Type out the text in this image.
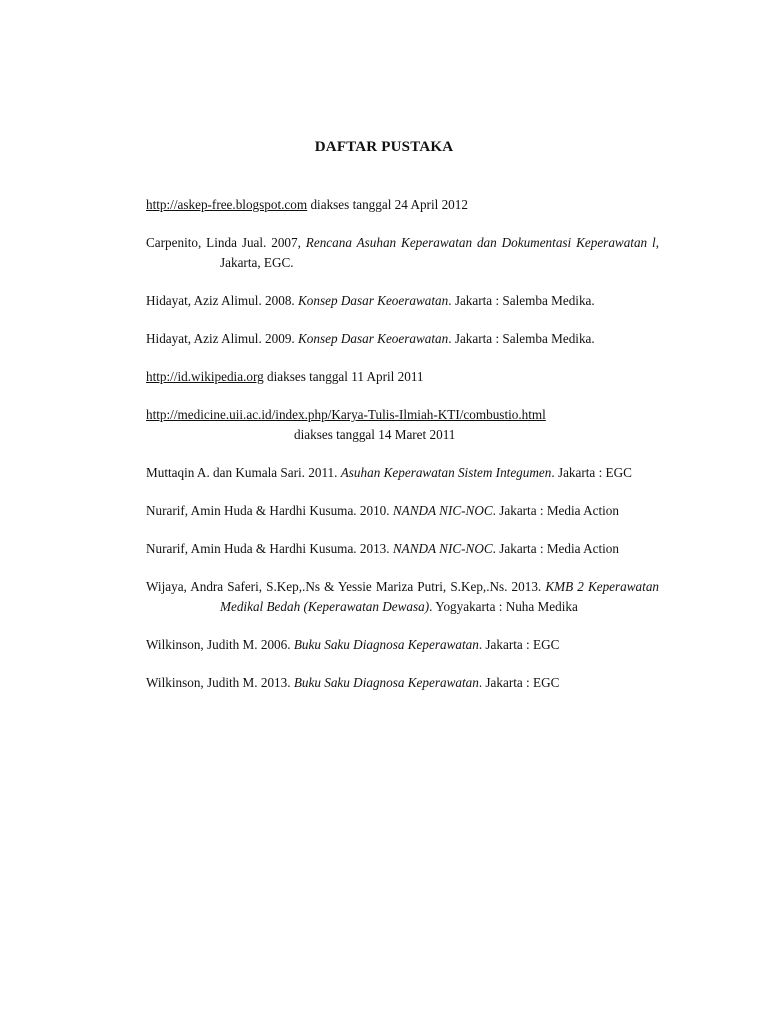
DAFTAR PUSTAKA

http://askep-free.blogspot.com diakses tanggal 24 April 2012

Carpenito, Linda Jual. 2007, Rencana Asuhan Keperawatan dan Dokumentasi Keperawatan l, Jakarta, EGC.

Hidayat, Aziz Alimul. 2008. Konsep Dasar Keoerawatan. Jakarta : Salemba Medika.

Hidayat, Aziz Alimul. 2009. Konsep Dasar Keoerawatan. Jakarta : Salemba Medika.

http://id.wikipedia.org diakses tanggal 11 April 2011

http://medicine.uii.ac.id/index.php/Karya-Tulis-Ilmiah-KTI/combustio.html
diakses tanggal 14 Maret 2011

Muttaqin A. dan Kumala Sari. 2011. Asuhan Keperawatan Sistem Integumen. Jakarta : EGC

Nurarif, Amin Huda & Hardhi Kusuma. 2010. NANDA NIC-NOC. Jakarta : Media Action

Nurarif, Amin Huda & Hardhi Kusuma. 2013. NANDA NIC-NOC. Jakarta : Media Action

Wijaya, Andra Saferi, S.Kep,.Ns & Yessie Mariza Putri, S.Kep,.Ns. 2013. KMB 2 Keperawatan Medikal Bedah (Keperawatan Dewasa). Yogyakarta : Nuha Medika

Wilkinson, Judith M. 2006. Buku Saku Diagnosa Keperawatan. Jakarta : EGC

Wilkinson, Judith M. 2013. Buku Saku Diagnosa Keperawatan. Jakarta : EGC
